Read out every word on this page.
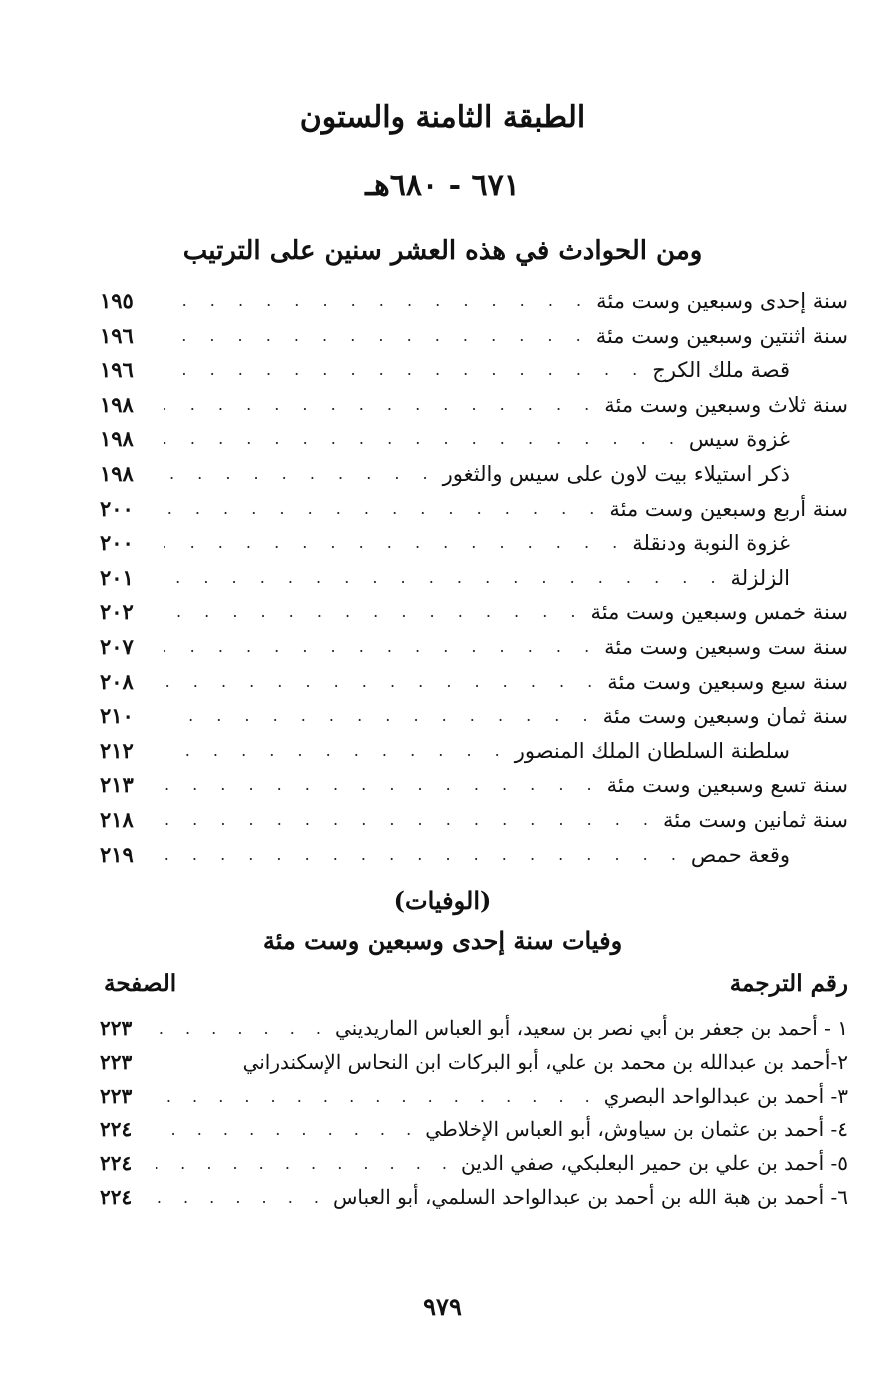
الطبقة الثامنة والستون
٦٧١ - ٦٨٠هـ
ومن الحوادث في هذه العشر سنين على الترتيب
سنة إحدى وسبعين وست مئة
. . .
١٩٥
سنة اثنتين وسبعين وست مئة
. . .
١٩٦
قصة ملك الكرج
. . .
١٩٦
سنة ثلاث وسبعين وست مئة
. . .
١٩٨
غزوة سيس
. . .
١٩٨
ذكر استيلاء بيت لاون على سيس والثغور
. . .
١٩٨
سنة أربع وسبعين وست مئة
. . .
٢٠٠
غزوة النوبة ودنقلة
. . .
٢٠٠
الزلزلة
. . .
٢٠١
سنة خمس وسبعين وست مئة
. . .
٢٠٢
سنة ست وسبعين وست مئة
. . .
٢٠٧
سنة سبع وسبعين وست مئة
. . .
٢٠٨
سنة ثمان وسبعين وست مئة
. . .
٢١٠
سلطنة السلطان الملك المنصور
. . .
٢١٢
سنة تسع وسبعين وست مئة
. . .
٢١٣
سنة ثمانين وست مئة
. . .
٢١٨
وقعة حمص
. . .
٢١٩
(الوفيات)
وفيات سنة إحدى وسبعين وست مئة
رقم الترجمة
الصفحة
١ - أحمد بن جعفر بن أبي نصر بن سعيد، أبو العباس الماريديني
. . .
٢٢٣
٢-أحمد بن عبدالله بن محمد بن علي، أبو البركات ابن النحاس الإسكندراني
٢٢٣
٣- أحمد بن عبدالواحد البصري
. . .
٢٢٣
٤- أحمد بن عثمان بن سياوش، أبو العباس الإخلاطي
. . .
٢٢٤
٥- أحمد بن علي بن حمير البعلبكي، صفي الدين
. . .
٢٢٤
٦- أحمد بن هبة الله بن أحمد بن عبدالواحد السلمي، أبو العباس
. . .
٢٢٤
٩٧٩
